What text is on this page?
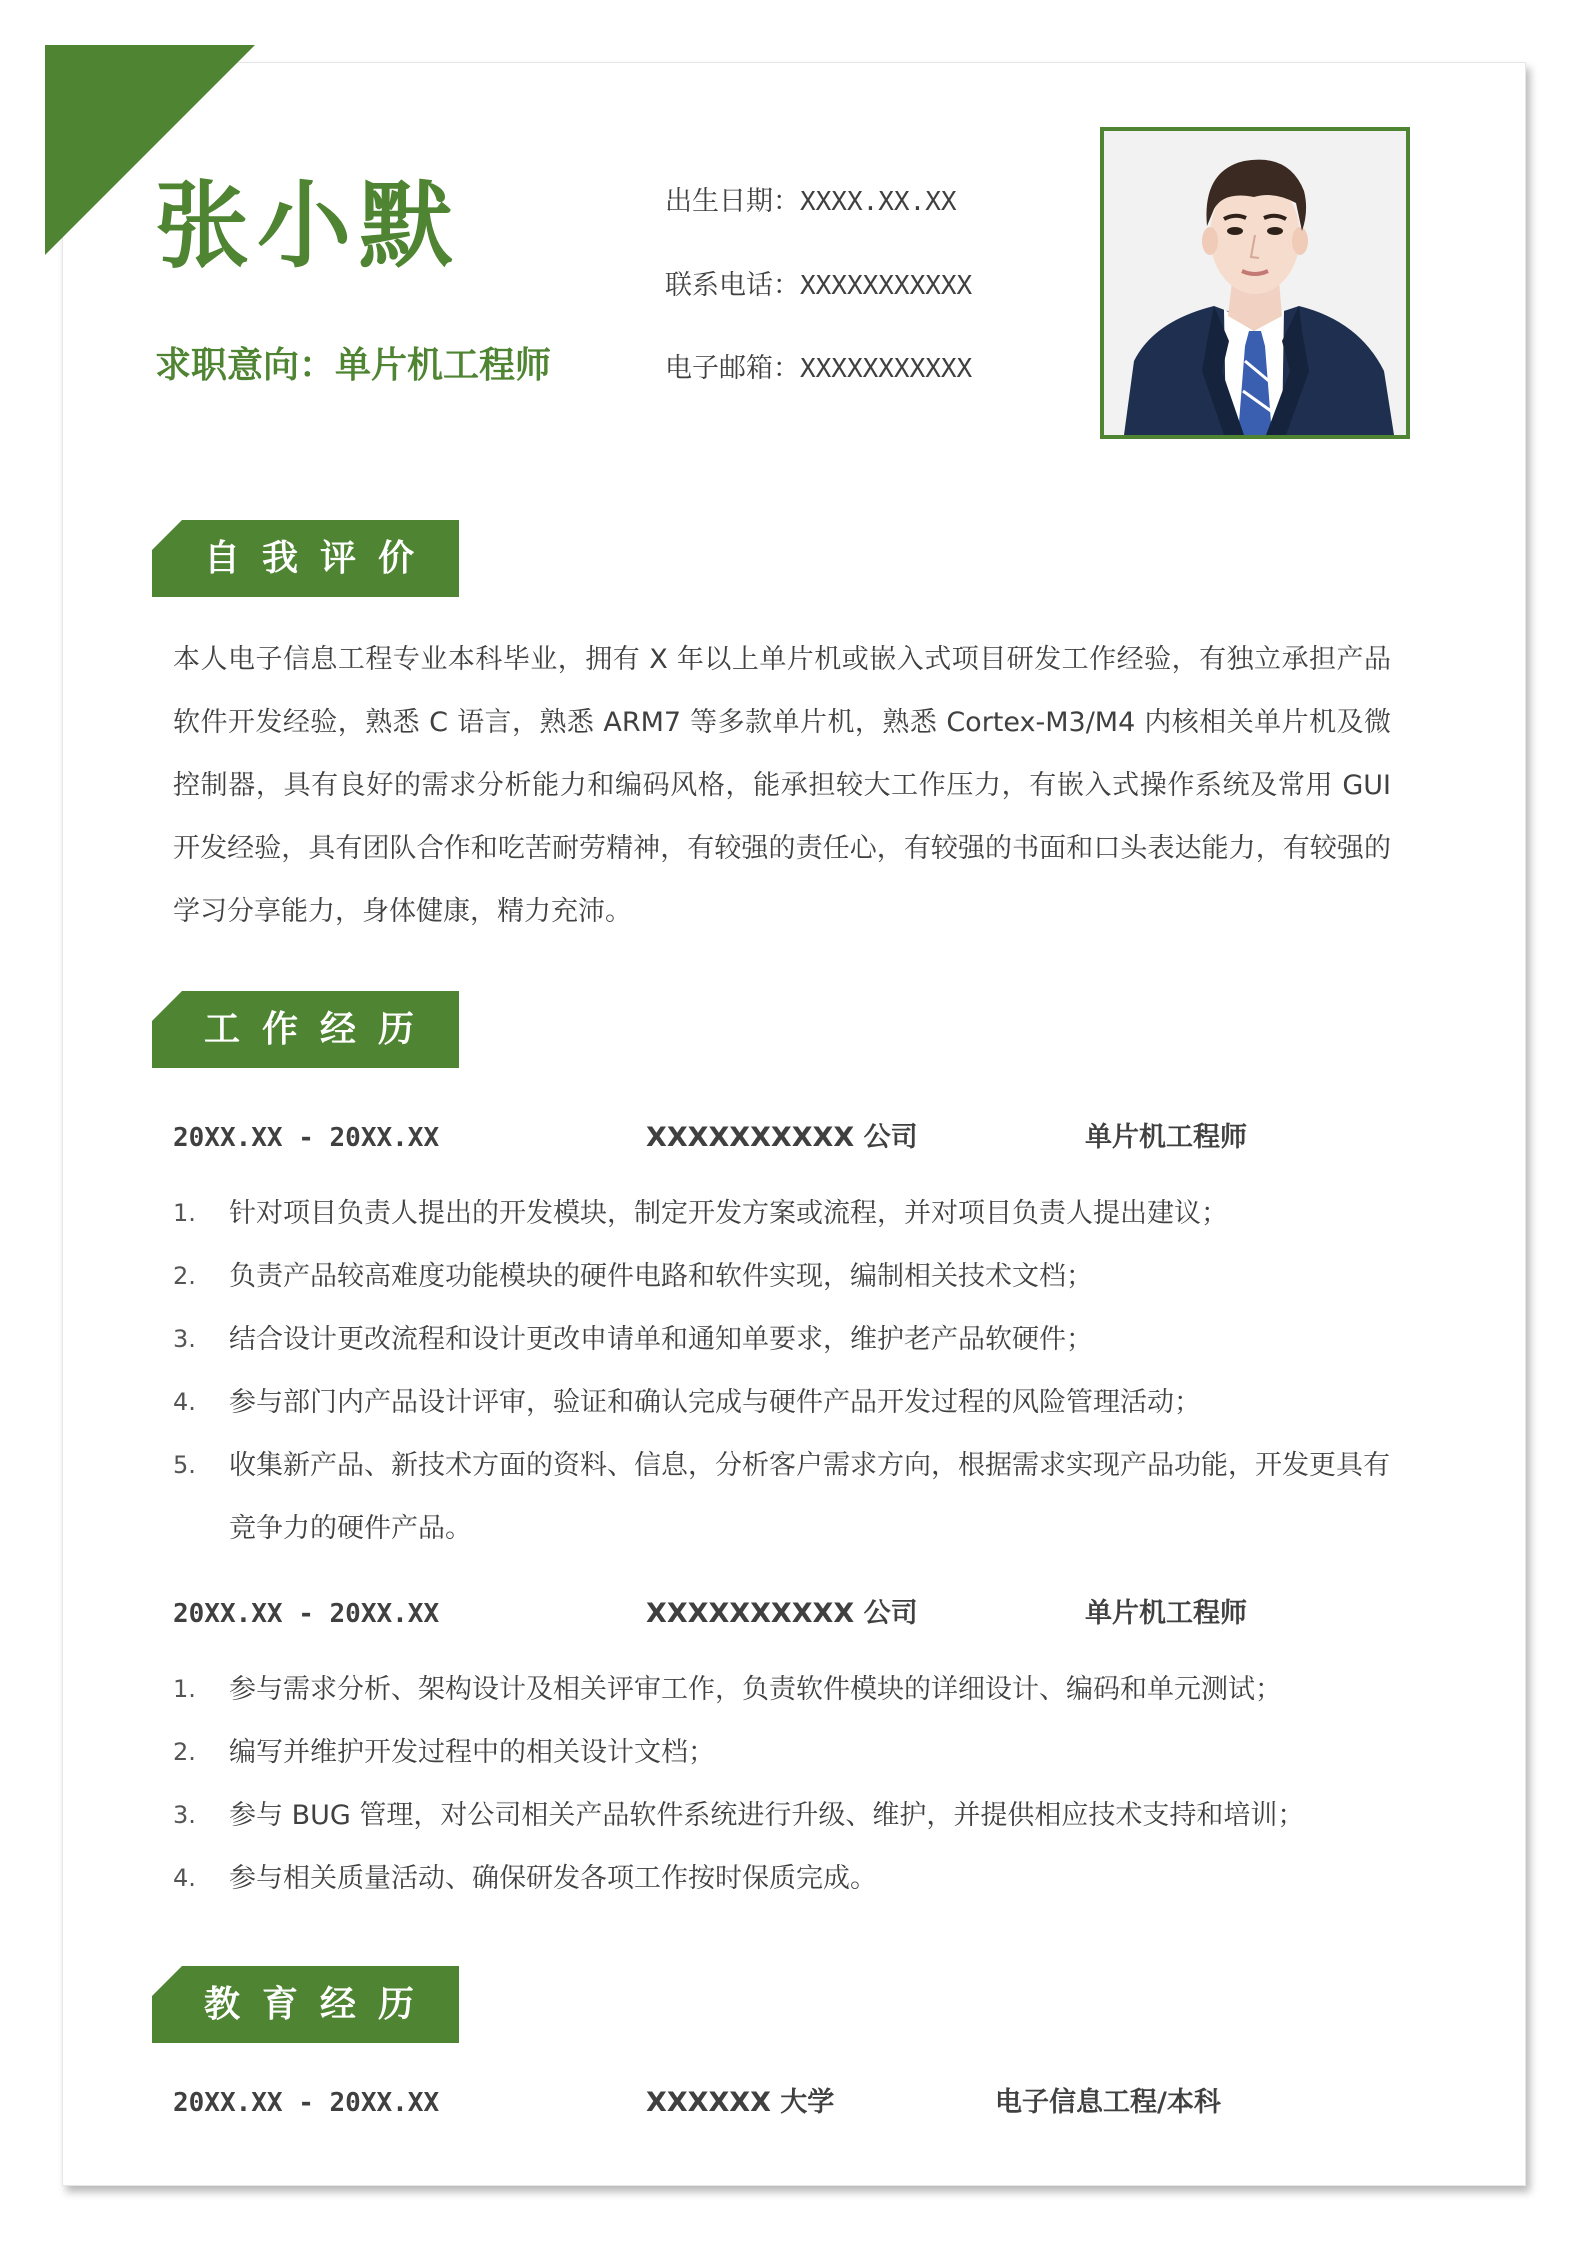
张小默
求职意向：单片机工程师
出生日期：XXXX.XX.XX
联系电话：XXXXXXXXXXX
电子邮箱：XXXXXXXXXXX
自我评价
本人电子信息工程专业本科毕业，拥有 X 年以上单片机或嵌入式项目研发工作经验，有独立承担产品软件开发经验，熟悉 C 语言，熟悉 ARM7 等多款单片机，熟悉 Cortex-M3/M4 内核相关单片机及微控制器，具有良好的需求分析能力和编码风格，能承担较大工作压力，有嵌入式操作系统及常用 GUI 开发经验，具有团队合作和吃苦耐劳精神，有较强的责任心，有较强的书面和口头表达能力，有较强的学习分享能力，身体健康，精力充沛。
工作经历
20XX.XX - 20XX.XX	XXXXXXXXXX 公司	单片机工程师
1. 针对项目负责人提出的开发模块，制定开发方案或流程，并对项目负责人提出建议；
2. 负责产品较高难度功能模块的硬件电路和软件实现，编制相关技术文档；
3. 结合设计更改流程和设计更改申请单和通知单要求，维护老产品软硬件；
4. 参与部门内产品设计评审，验证和确认完成与硬件产品开发过程的风险管理活动；
5. 收集新产品、新技术方面的资料、信息，分析客户需求方向，根据需求实现产品功能，开发更具有竞争力的硬件产品。
20XX.XX - 20XX.XX	XXXXXXXXXX 公司	单片机工程师
1. 参与需求分析、架构设计及相关评审工作，负责软件模块的详细设计、编码和单元测试；
2. 编写并维护开发过程中的相关设计文档；
3. 参与 BUG 管理，对公司相关产品软件系统进行升级、维护，并提供相应技术支持和培训；
4. 参与相关质量活动、确保研发各项工作按时保质完成。
教育经历
20XX.XX - 20XX.XX	XXXXXX 大学	电子信息工程/本科
